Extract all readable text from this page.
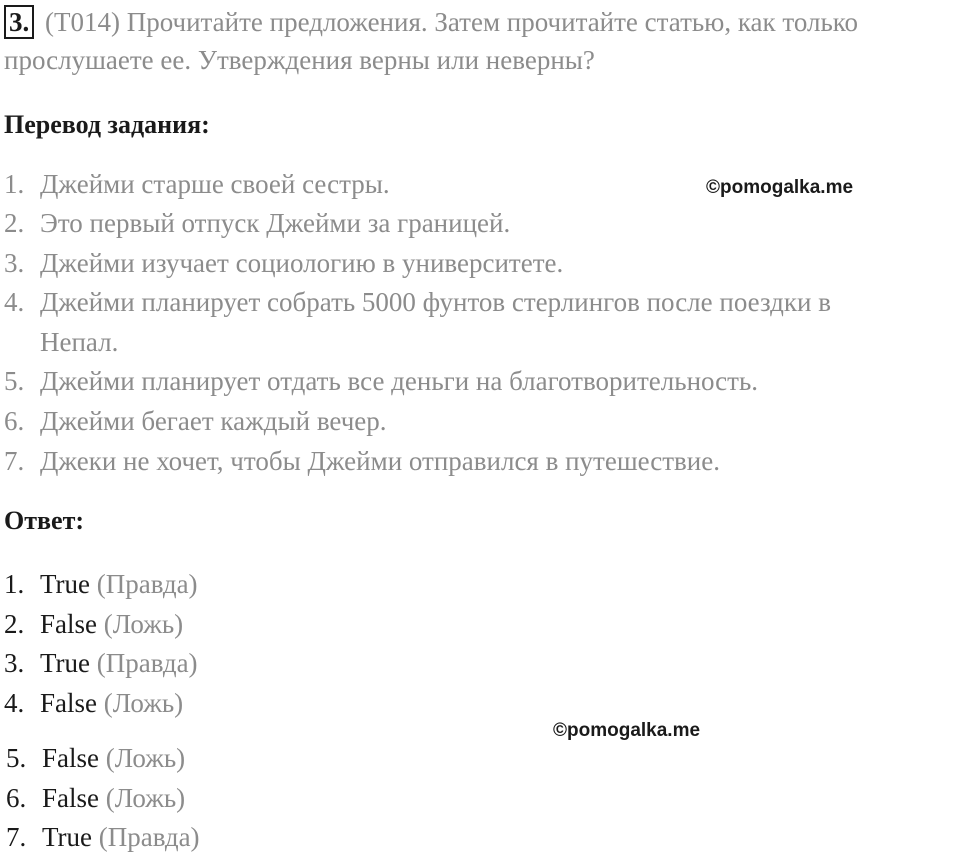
3. (T014) Прочитайте предложения. Затем прочитайте статью, как только
прослушаете ее. Утверждения верны или неверны?
Перевод задания:
1. Джейми старше своей сестры.
2. Это первый отпуск Джейми за границей.
3. Джейми изучает социологию в университете.
4. Джейми планирует собрать 5000 фунтов стерлингов после поездки в
Непал.
5. Джейми планирует отдать все деньги на благотворительность.
6. Джейми бегает каждый вечер.
7. Джеки не хочет, чтобы Джейми отправился в путешествие.
©pomogalka.me
Ответ:
1. True (Правда)
2. False (Ложь)
3. True (Правда)
4. False (Ложь)
©pomogalka.me
5. False (Ложь)
6. False (Ложь)
7. True (Правда)
